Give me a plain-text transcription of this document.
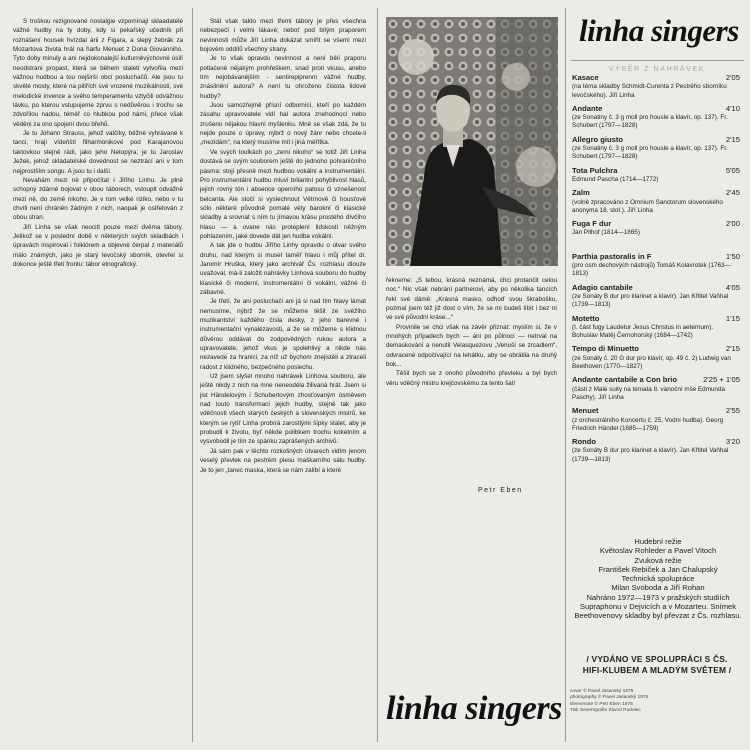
S troškou rezignované nostalgie vzpomínají sklaadatelé vážné hudby na ty doby, kdy si pekařský učedník při roznášení housek hvízdal árii z Figara, a slepý žebrák za Mozartova života hrál na harfu Menuet z Dona Giovanniho. Tyto doby minuly a ani nejdokonalejší kulturněvýchovné úsilí neodstraní propast, která se během staletí vytvořila mezi vážnou hudbou a tou nejširší obcí posluchačů. Ale jsou tu skvělé mosty, které na pilířích své vrozené muzikálnosti, své melodické invence a svého temperamentu vztyčili odvážnou lávku, po kterou vstupujeme zprvu s nedůvěrou i trochu se zdvořilou nadou, téměř co hlubkou pod námi, přece však věděni za ono spojení dvou břehů.

Je tu Johann Strauss, jehož valčíky, běžně vyhrávané k tanci, hrají vídeňští filharmonikové pod Karajanovou taktovkou stejně rádi, jako jeho Netopýra; je tu Jaroslav Ježek, jehož skladatelské dovednost se neztrácí ani v tom nejprostším songu. A jsou tu i další.

Nevahám mezi ně připočítat i Jiřího Linhu. Je plně schopný zdárně bojovat v obou táborech, vstoupit odvážně mezi ně, do země nikoho. Je v tom velké riziko, nebo v tu chvíli není chráněn žádným z nich, naopak je ostřelován z obou stran.

Jiří Linha se však neocitl pouze mezi dvěma tábory. Jelikož se v poslední době v některých svých skladbách i úpravách inspiroval i folklórem a objevně čerpal z materiálů málo známých, jako je starý levočský sborník, otevřel si dokonce ještě třetí frontu: tábor etnografický.

Stát však takto mezi třemi tábory je přes všechna nebezpečí i velmi lákavé; neboť pod bílým praporem nevinnosti může Jiří Linha dokázat smířit se všemi mezi bojovém oddílů všechny strany.

Je to však opravdu nevinnost a není bělí praporu potlačené nějakým prohřeškem, snad proti vkusu, anebo tím nejobávanějším - sentirepiprenm vážné hudby, znásilnění autora? A není tu ohroženo čistota lidové hudby?

Jsou samozřejmě přísní odborníci, kteří po každém zásahu upravovatele vidí hal autora znehodnocí nebo zrušeno nějakou hlavní myšlenku. Mně se však zdá, že tu nejde pouze o úpravy, nýbrž o nový žánr nebo chcete-li „mezidám“, na který musíme mít i jiná měřítka.

Ve svých toulkách po „zemi nikoho“ se totiž Jiří Linha dostává se svým souborem ještě do jednoho pohraničního pásma: stojí přesně mezi hudbou vokální a instrumentální. Pro instrumentální hudbu mluví brilantní pohyblivost hlasů, jejich rovný tón i absence operního patosu či vznešenost belcanta. Ale stočí si vyslechnout Větrnově či housťové sólo některé původně pomalé věty barokní či klasické skladby a srovnat s ním tu jímavou krásu prostého dívčího hlasu — a ovane nás proteplení lidskosti něžným pohlazením, jaké dovede dát jen hudba vokální.

A tak jde o hudbu Jiřího Linhy opravdu o útvar svého druhu, nad kterým si musel taměř hlavu i můj přítel dr. Jaromír Hruška, který jako archivář Čs. rozhlasu dlouze uvažoval, má-li založit nahrávky Linhova souboru do hudby klasické či moderní, instrumentální či vokální, vážné či zábavné.

Je třetí, že ani posluchači ani já si nad tím hlavy lámat nemusíme, nýbrž že se můžeme těšit ze svěžího muzikantství každého čísla desky, z jeho barevné i instrumentační vynalézavosti, a že se můžeme s klidnou důvěrou oddávat do zodpovědných rukou autora a upravovatele, jehož vkus je spolehlivý a nikde nás nezavede za hranici, za níž už bychom znejistěli a ztraceli radost z klidného, bezpečného poslechu.

Už jsem slyšel mnoho nahrávek Linhova souboru, ale ještě nikdy z nich na mne neneodéla žilivaná hrát. Jsem si jist Händelovým i Schubertovým zhosťovaným úsměvem nad touto transformací jejich hudby, stejně tak jako vděčnosti všech starých českých a slovenských mistrů, ke kterým se rytíř Linha probírá zarostlými šípky stalet, aby je probudil k životu, byť někde polibkem trochu koketním a vysvobodil je tím ze spánku zaprášených archivů.

Já sám pak v těchto rozkošných útvarech vidím jenom veselý převlek na pestrém plesu maškarního sálu hudby. Je to jen „tanec maska, která se nám zalíbí a které

řekneme: „S tebou, krásná neznámá, chci protančit celou noc.“ Nic však nebrání partnerovi, aby po několika tancích řekl své dámě: „Krásná masko, odhoď svou škrabošku, pozmal jsem též již dost o vím, že se mi budeš líbit i bez ní ve své původní kráse...“

Provinile se chci však na závěr přiznat: myslím si, že v mnohých případech bych — ani po půlnoci — netrval na demaskování a nenutil Velasquezovu „Venuší se zrcadlem“, odvracené odpočívající na lehátku, aby se obrátila na druhý bok...

Těšil bych se z onoho původního převleku a byl bych věru vděčný mistru krejčovskému za tento šat!

Petr Eben
linha singers
linha singers
VÝBĚR Z NAHRÁVEK
Kasace	2'05
(na téma skladby Schmidt-Curenta z Pestrého sborníku levočského). Jiří Linha
Andante	4'10
(ze Sonatiny č. 3 g moll pro housle a klavír, op. 137). Fr. Schubert (1797—1828)
Allegro giusto	2'15
(ze Sonatiny č. 3 g moll pro housle a klavír, op. 137). Fr. Schubert (1797—1828)
Tota Pulchra	5'05
Edmund Pascha (1714—1772)
Zalm	2'45
(volně zpracováno z Omnium Sanctorum slovenského anonyma 18. stol.). Jiří Linha
Fuga F dur	2'00
Jan Pilhof (1814—1865)
Parthia pastoralis in F	1'50
(pro osm dechových nástrojů) Tomáš Kolavrotek (1763—1813)
Adagio cantabile	4'05
(ze Sonáty B dur pro klarinet a klavír). Jan Křtitel Vaňhal (1739—1813)
Motetto	1'15
(I. část fugy Laudetur Jesus Christus in aeternum). Bohuslav Matěj Černohorský (1684—1742)
Tempo di Minuetto	2'15
(ze Sonáty č. 20 G dur pro klavír, op. 49 č. 2) Ludwig van Beethoven (1770—1827)
Andante cantabile a Con brio	2'25 + 1'05
(části z Malé suity na témata II. vánoční mše Edmunda Paschy). Jiří Linha
Menuet	2'55
(z orchestrálního Koncertu č. 25, Vodní hudba). Georg Friedrich Händel (1685—1759)
Rondo	3'20
(ze Sonáty B dur pro klarinet a klavír). Jan Křtitel Vaňhal (1739—1813)
Hudební režie
Květoslav Rohleder a Pavel Vitoch
Zvuková režie
František Rebiček a Jan Chalupský
Technická spolupráce
Milan Svoboda a Jiří Rohan
Nahráno 1972—1973 v pražských studiích Supraphonu v Dejvicích a v Mozarteu. Snímek Beethovenovy skladby byl převzat z Čs. rozhlasu.
/ VYDÁNO VE SPOLUPRÁCI S ČS.
HIFI-KLUBEM A MLADÝM SVĚTEM /
cover © Pavel Jasanský 1975
photography © Pavel Jasanský 1975
sleevenote © Petr Eben 1975
Tisk Severografie Závod Rudolec
